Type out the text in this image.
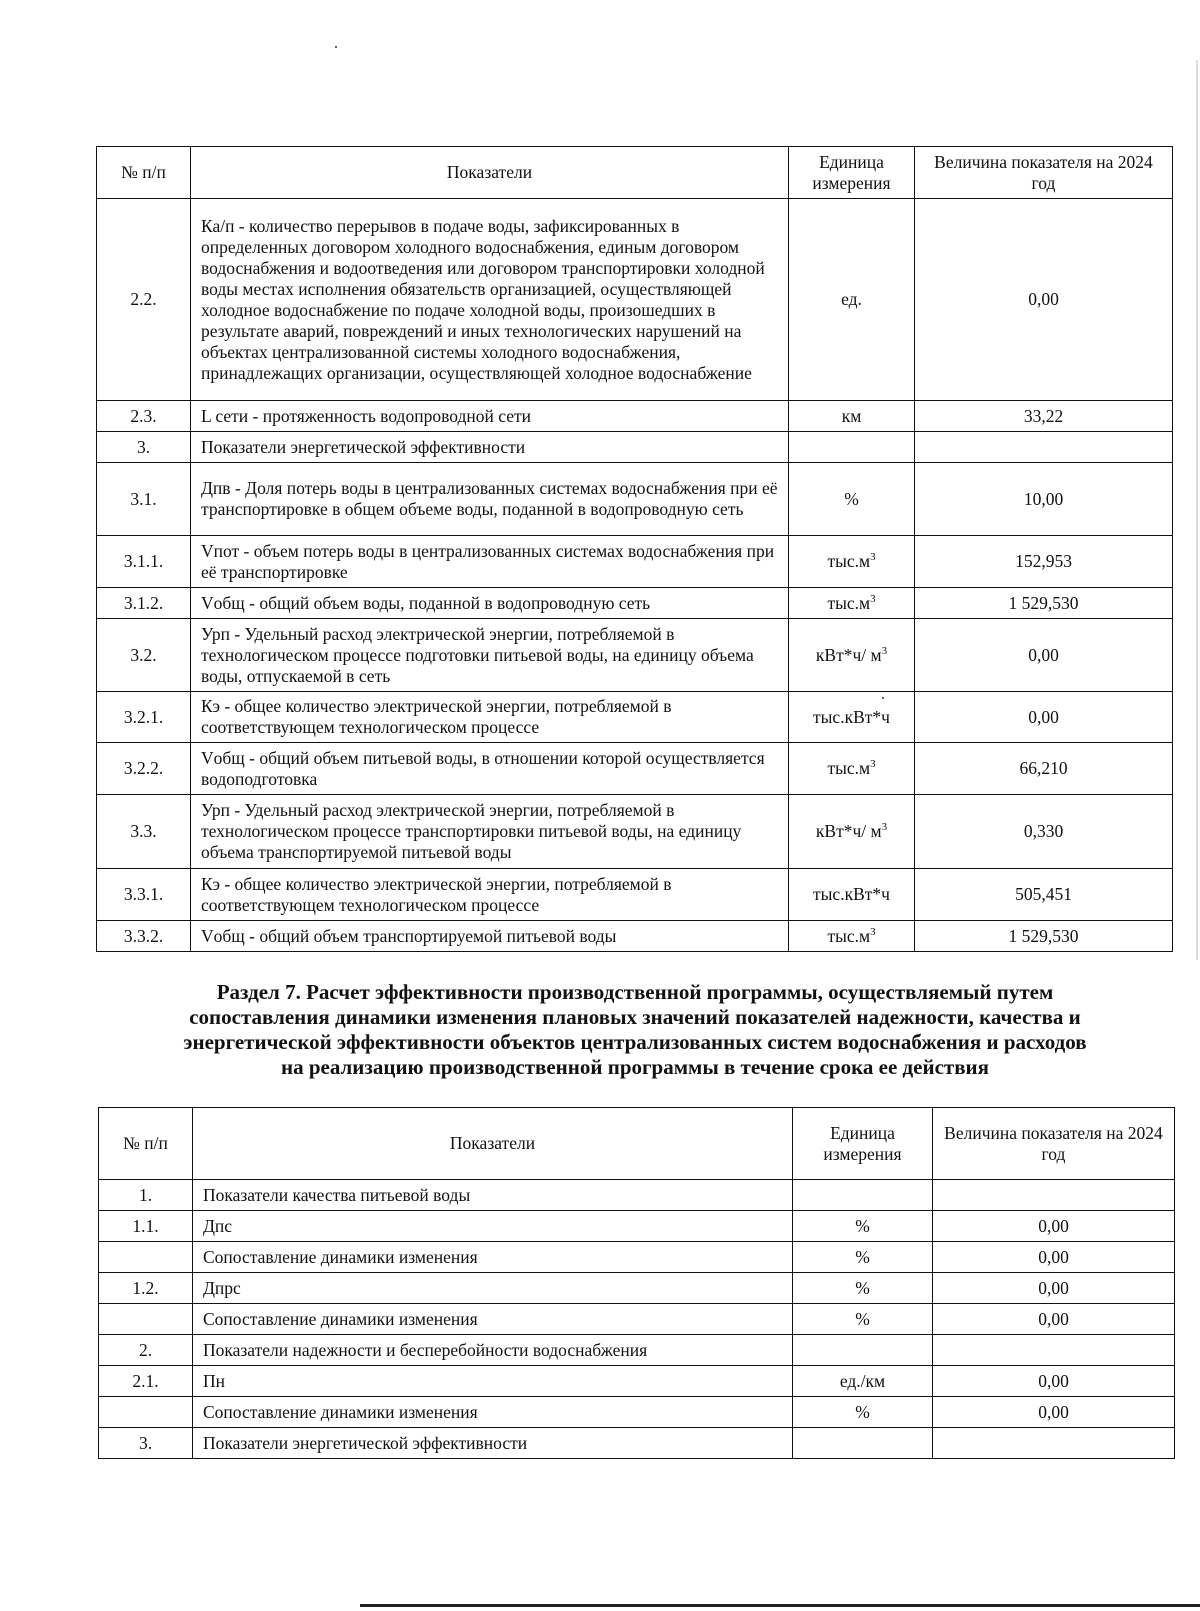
№ п/п	Показатели	Единица измерения	Величина показателя на 2024 год
2.2.	Ка/п - количество перерывов в подаче воды, зафиксированных в определенных договором холодного водоснабжения, единым договором водоснабжения и водоотведения или договором транспортировки холодной воды местах исполнения обязательств организацией, осуществляющей холодное водоснабжение по подаче холодной воды, произошедших в результате аварий, повреждений и иных технологических нарушений на объектах централизованной системы холодного водоснабжения, принадлежащих организации, осуществляющей холодное водоснабжение	ед.	0,00
2.3.	L сети - протяженность водопроводной сети	км	33,22
3.	Показатели энергетической эффективности		
3.1.	Дпв - Доля потерь воды в централизованных системах водоснабжения при её транспортировке в общем объеме воды, поданной в водопроводную сеть	%	10,00
3.1.1.	Vпот - объем потерь воды в централизованных системах водоснабжения при её транспортировке	$тыс.м^3$	152,953
3.1.2.	Vобщ - общий объем воды, поданной в водопроводную сеть	$тыс.м^3$	1 529,530
3.2.	Урп - Удельный расход электрической энергии, потребляемой в технологическом процессе подготовки питьевой воды, на единицу объема воды, отпускаемой в сеть	кВт*ч/ $м^3$	0,00
3.2.1.	Кэ - общее количество электрической энергии, потребляемой в соответствующем технологическом процессе	тыс.кВт*ч	0,00
3.2.2.	Vобщ - общий объем питьевой воды, в отношении которой осуществляется водоподготовка	$тыс.м^3$	66,210
3.3.	Урп - Удельный расход электрической энергии, потребляемой в технологическом процессе транспортировки питьевой воды, на единицу объема транспортируемой питьевой воды	кВт*ч/ $м^3$	0,330
3.3.1.	Кэ - общее количество электрической энергии, потребляемой в соответствующем технологическом процессе	тыс.кВт*ч	505,451
3.3.2.	Vобщ - общий объем транспортируемой питьевой воды	$тыс.м^3$	1 529,530
Раздел 7. Расчет эффективности производственной программы, осуществляемый путем
сопоставления динамики изменения плановых значений показателей надежности, качества и
энергетической эффективности объектов централизованных систем водоснабжения и расходов
на реализацию производственной программы в течение срока ее действия
№ п/п	Показатели	Единица измерения	Величина показателя на 2024 год
1.	Показатели качества питьевой воды		
1.1.	Дпс	%	0,00
	Сопоставление динамики изменения	%	0,00
1.2.	Дпрс	%	0,00
	Сопоставление динамики изменения	%	0,00
2.	Показатели надежности и бесперебойности водоснабжения		
2.1.	Пн	ед./км	0,00
	Сопоставление динамики изменения	%	0,00
3.	Показатели энергетической эффективности		
